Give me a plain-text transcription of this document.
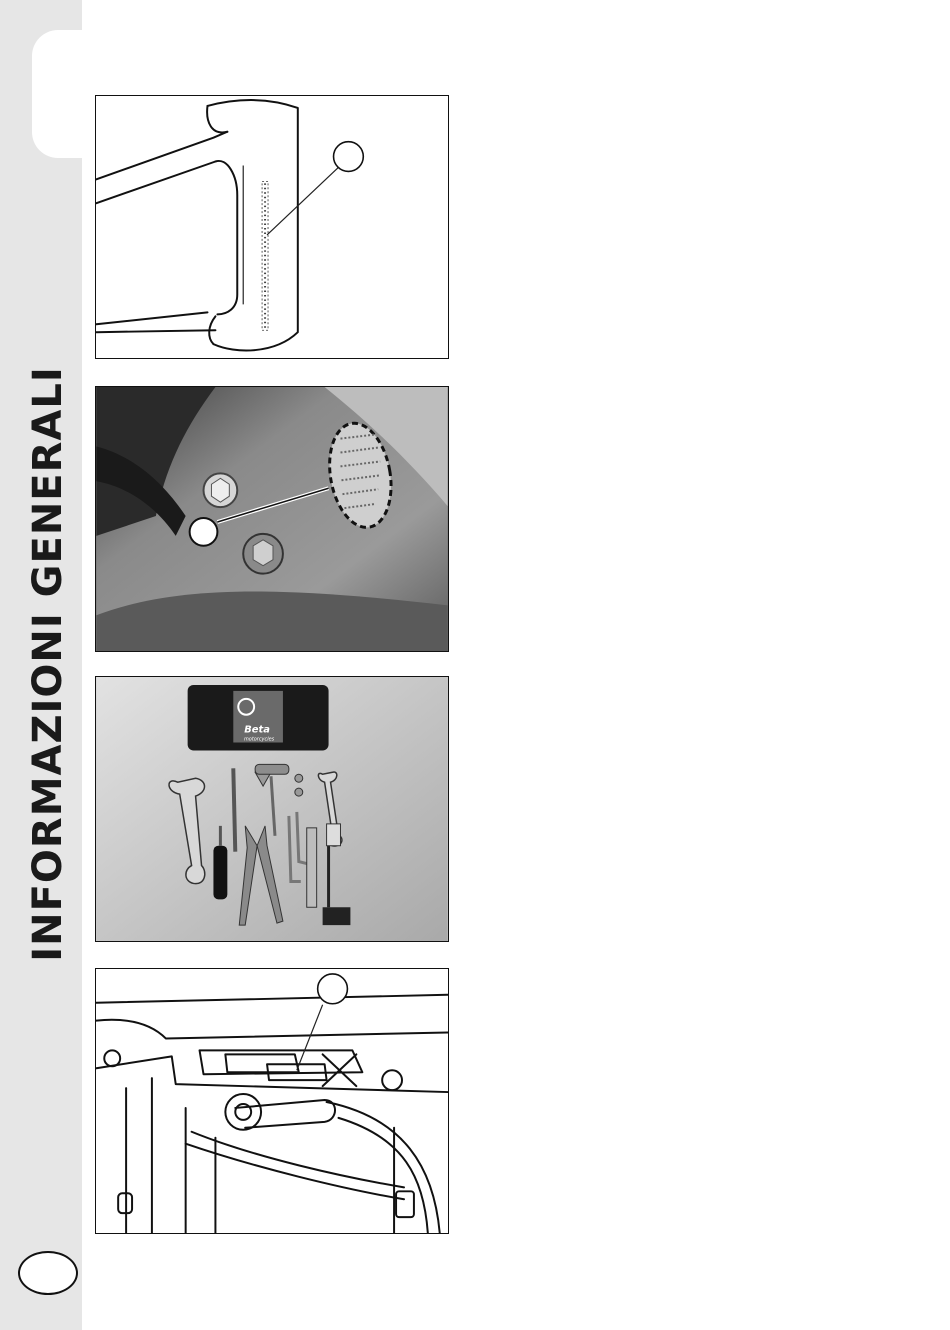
INFORMAZIONI GENERALI	Beta
motorcycles
